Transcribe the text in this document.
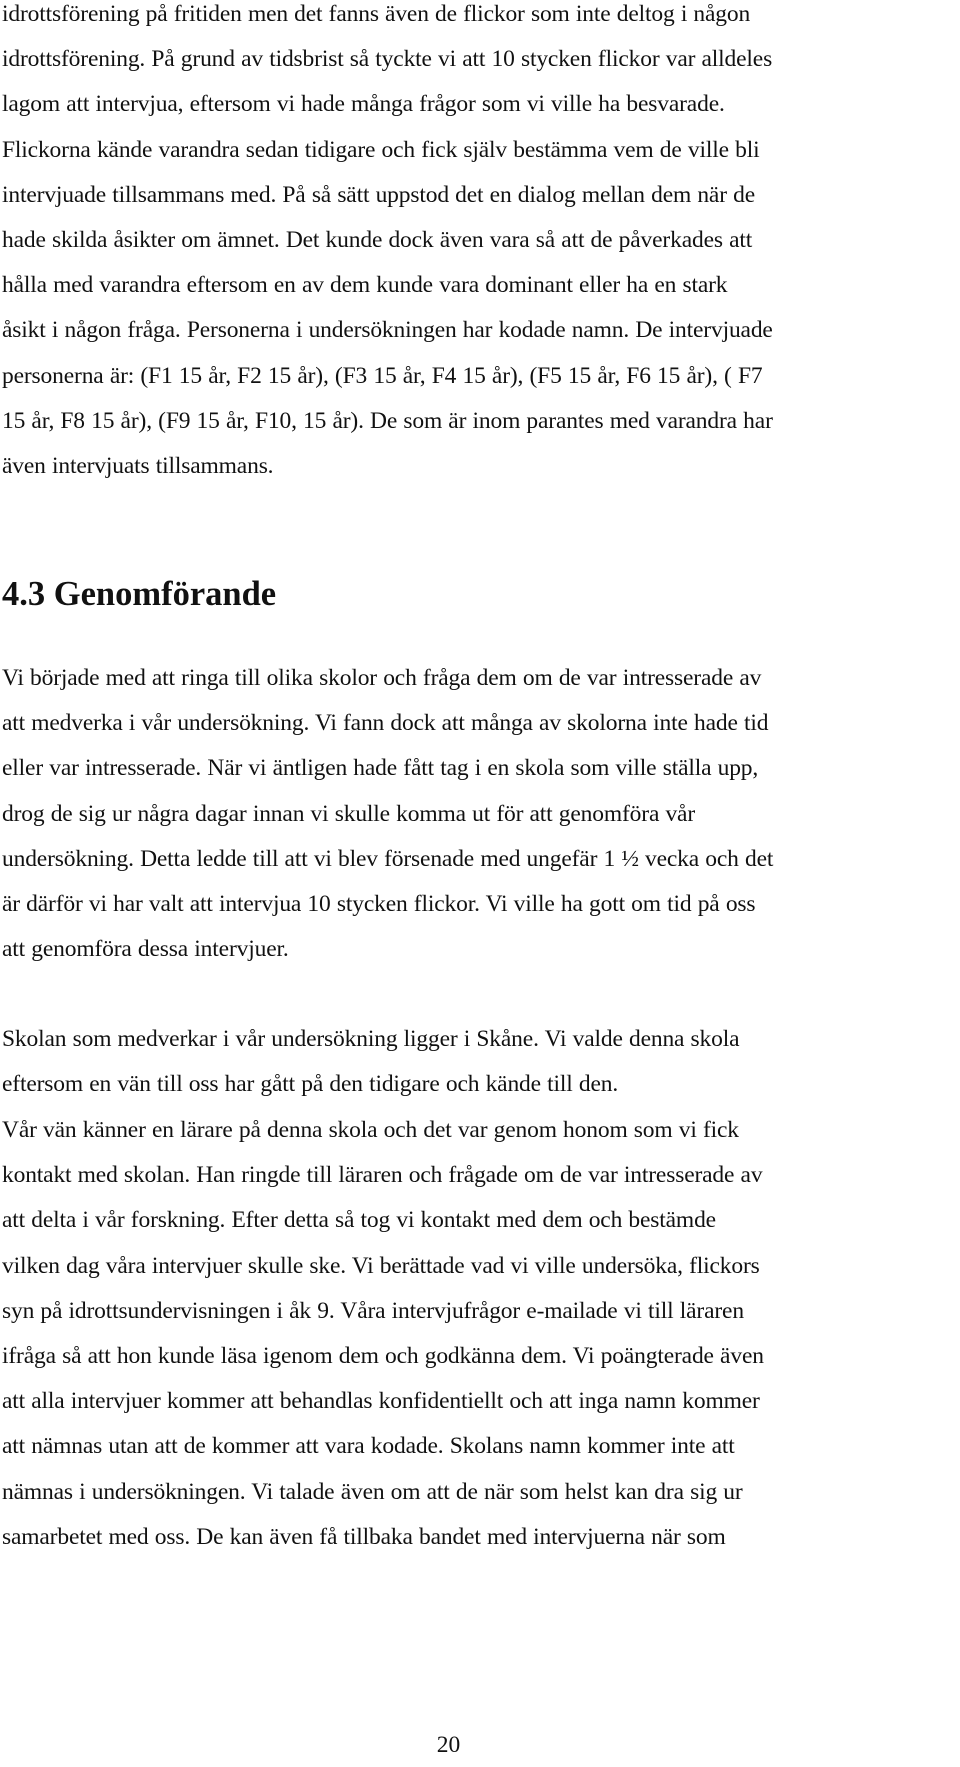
idrottsförening på fritiden men det fanns även de flickor som inte deltog i någon
idrottsförening. På grund av tidsbrist så tyckte vi att 10 stycken flickor var alldeles
lagom att intervjua, eftersom vi hade många frågor som vi ville ha besvarade.
Flickorna kände varandra sedan tidigare och fick själv bestämma vem de ville bli
intervjuade tillsammans med. På så sätt uppstod det en dialog mellan dem när de
hade skilda åsikter om ämnet. Det kunde dock även vara så att de påverkades att
hålla med varandra eftersom en av dem kunde vara dominant eller ha en stark
åsikt i någon fråga. Personerna i undersökningen har kodade namn. De intervjuade
personerna är: (F1 15 år, F2 15 år), (F3 15 år, F4 15 år), (F5 15 år, F6 15 år), ( F7
15 år, F8 15 år), (F9 15 år, F10, 15 år). De som är inom parantes med varandra har
även intervjuats tillsammans.

4.3 Genomförande

Vi började med att ringa till olika skolor och fråga dem om de var intresserade av
att medverka i vår undersökning. Vi fann dock att många av skolorna inte hade tid
eller var intresserade. När vi äntligen hade fått tag i en skola som ville ställa upp,
drog de sig ur några dagar innan vi skulle komma ut för att genomföra vår
undersökning. Detta ledde till att vi blev försenade med ungefär 1 ½ vecka och det
är därför vi har valt att intervjua 10 stycken flickor. Vi ville ha gott om tid på oss
att genomföra dessa intervjuer.

Skolan som medverkar i vår undersökning ligger i Skåne. Vi valde denna skola
eftersom en vän till oss har gått på den tidigare och kände till den.

Vår vän känner en lärare på denna skola och det var genom honom som vi fick
kontakt med skolan. Han ringde till läraren och frågade om de var intresserade av
att delta i vår forskning. Efter detta så tog vi kontakt med dem och bestämde
vilken dag våra intervjuer skulle ske. Vi berättade vad vi ville undersöka, flickors
syn på idrottsundervisningen i åk 9. Våra intervjufrågor e-mailade vi till läraren
ifråga så att hon kunde läsa igenom dem och godkänna dem. Vi poängterade även
att alla intervjuer kommer att behandlas konfidentiellt och att inga namn kommer
att nämnas utan att de kommer att vara kodade. Skolans namn kommer inte att
nämnas i undersökningen. Vi talade även om att de när som helst kan dra sig ur
samarbetet med oss. De kan även få tillbaka bandet med intervjuerna när som

20
